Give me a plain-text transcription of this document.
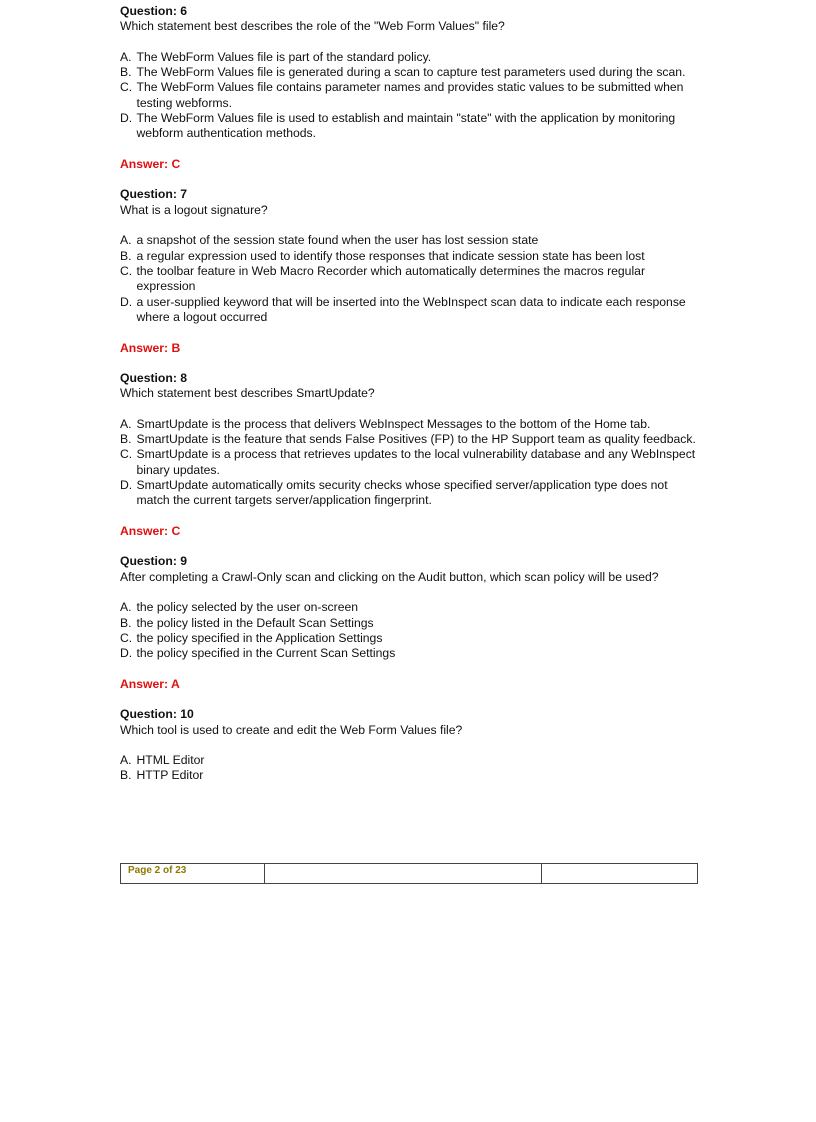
Question: 6
Which statement best describes the role of the "Web Form Values" file?
A. The WebForm Values file is part of the standard policy.
B. The WebForm Values file is generated during a scan to capture test parameters used during the scan.
C. The WebForm Values file contains parameter names and provides static values to be submitted when testing webforms.
D. The WebForm Values file is used to establish and maintain "state" with the application by monitoring webform authentication methods.
Answer: C
Question: 7
What is a logout signature?
A. a snapshot of the session state found when the user has lost session state
B. a regular expression used to identify those responses that indicate session state has been lost
C. the toolbar feature in Web Macro Recorder which automatically determines the macros regular expression
D. a user-supplied keyword that will be inserted into the WebInspect scan data to indicate each response where a logout occurred
Answer: B
Question: 8
Which statement best describes SmartUpdate?
A. SmartUpdate is the process that delivers WebInspect Messages to the bottom of the Home tab.
B. SmartUpdate is the feature that sends False Positives (FP) to the HP Support team as quality feedback.
C. SmartUpdate is a process that retrieves updates to the local vulnerability database and any WebInspect binary updates.
D. SmartUpdate automatically omits security checks whose specified server/application type does not match the current targets server/application fingerprint.
Answer: C
Question: 9
After completing a Crawl-Only scan and clicking on the Audit button, which scan policy will be used?
A. the policy selected by the user on-screen
B. the policy listed in the Default Scan Settings
C. the policy specified in the Application Settings
D. the policy specified in the Current Scan Settings
Answer: A
Question: 10
Which tool is used to create and edit the Web Form Values file?
A. HTML Editor
B. HTTP Editor
Page 2 of 23
